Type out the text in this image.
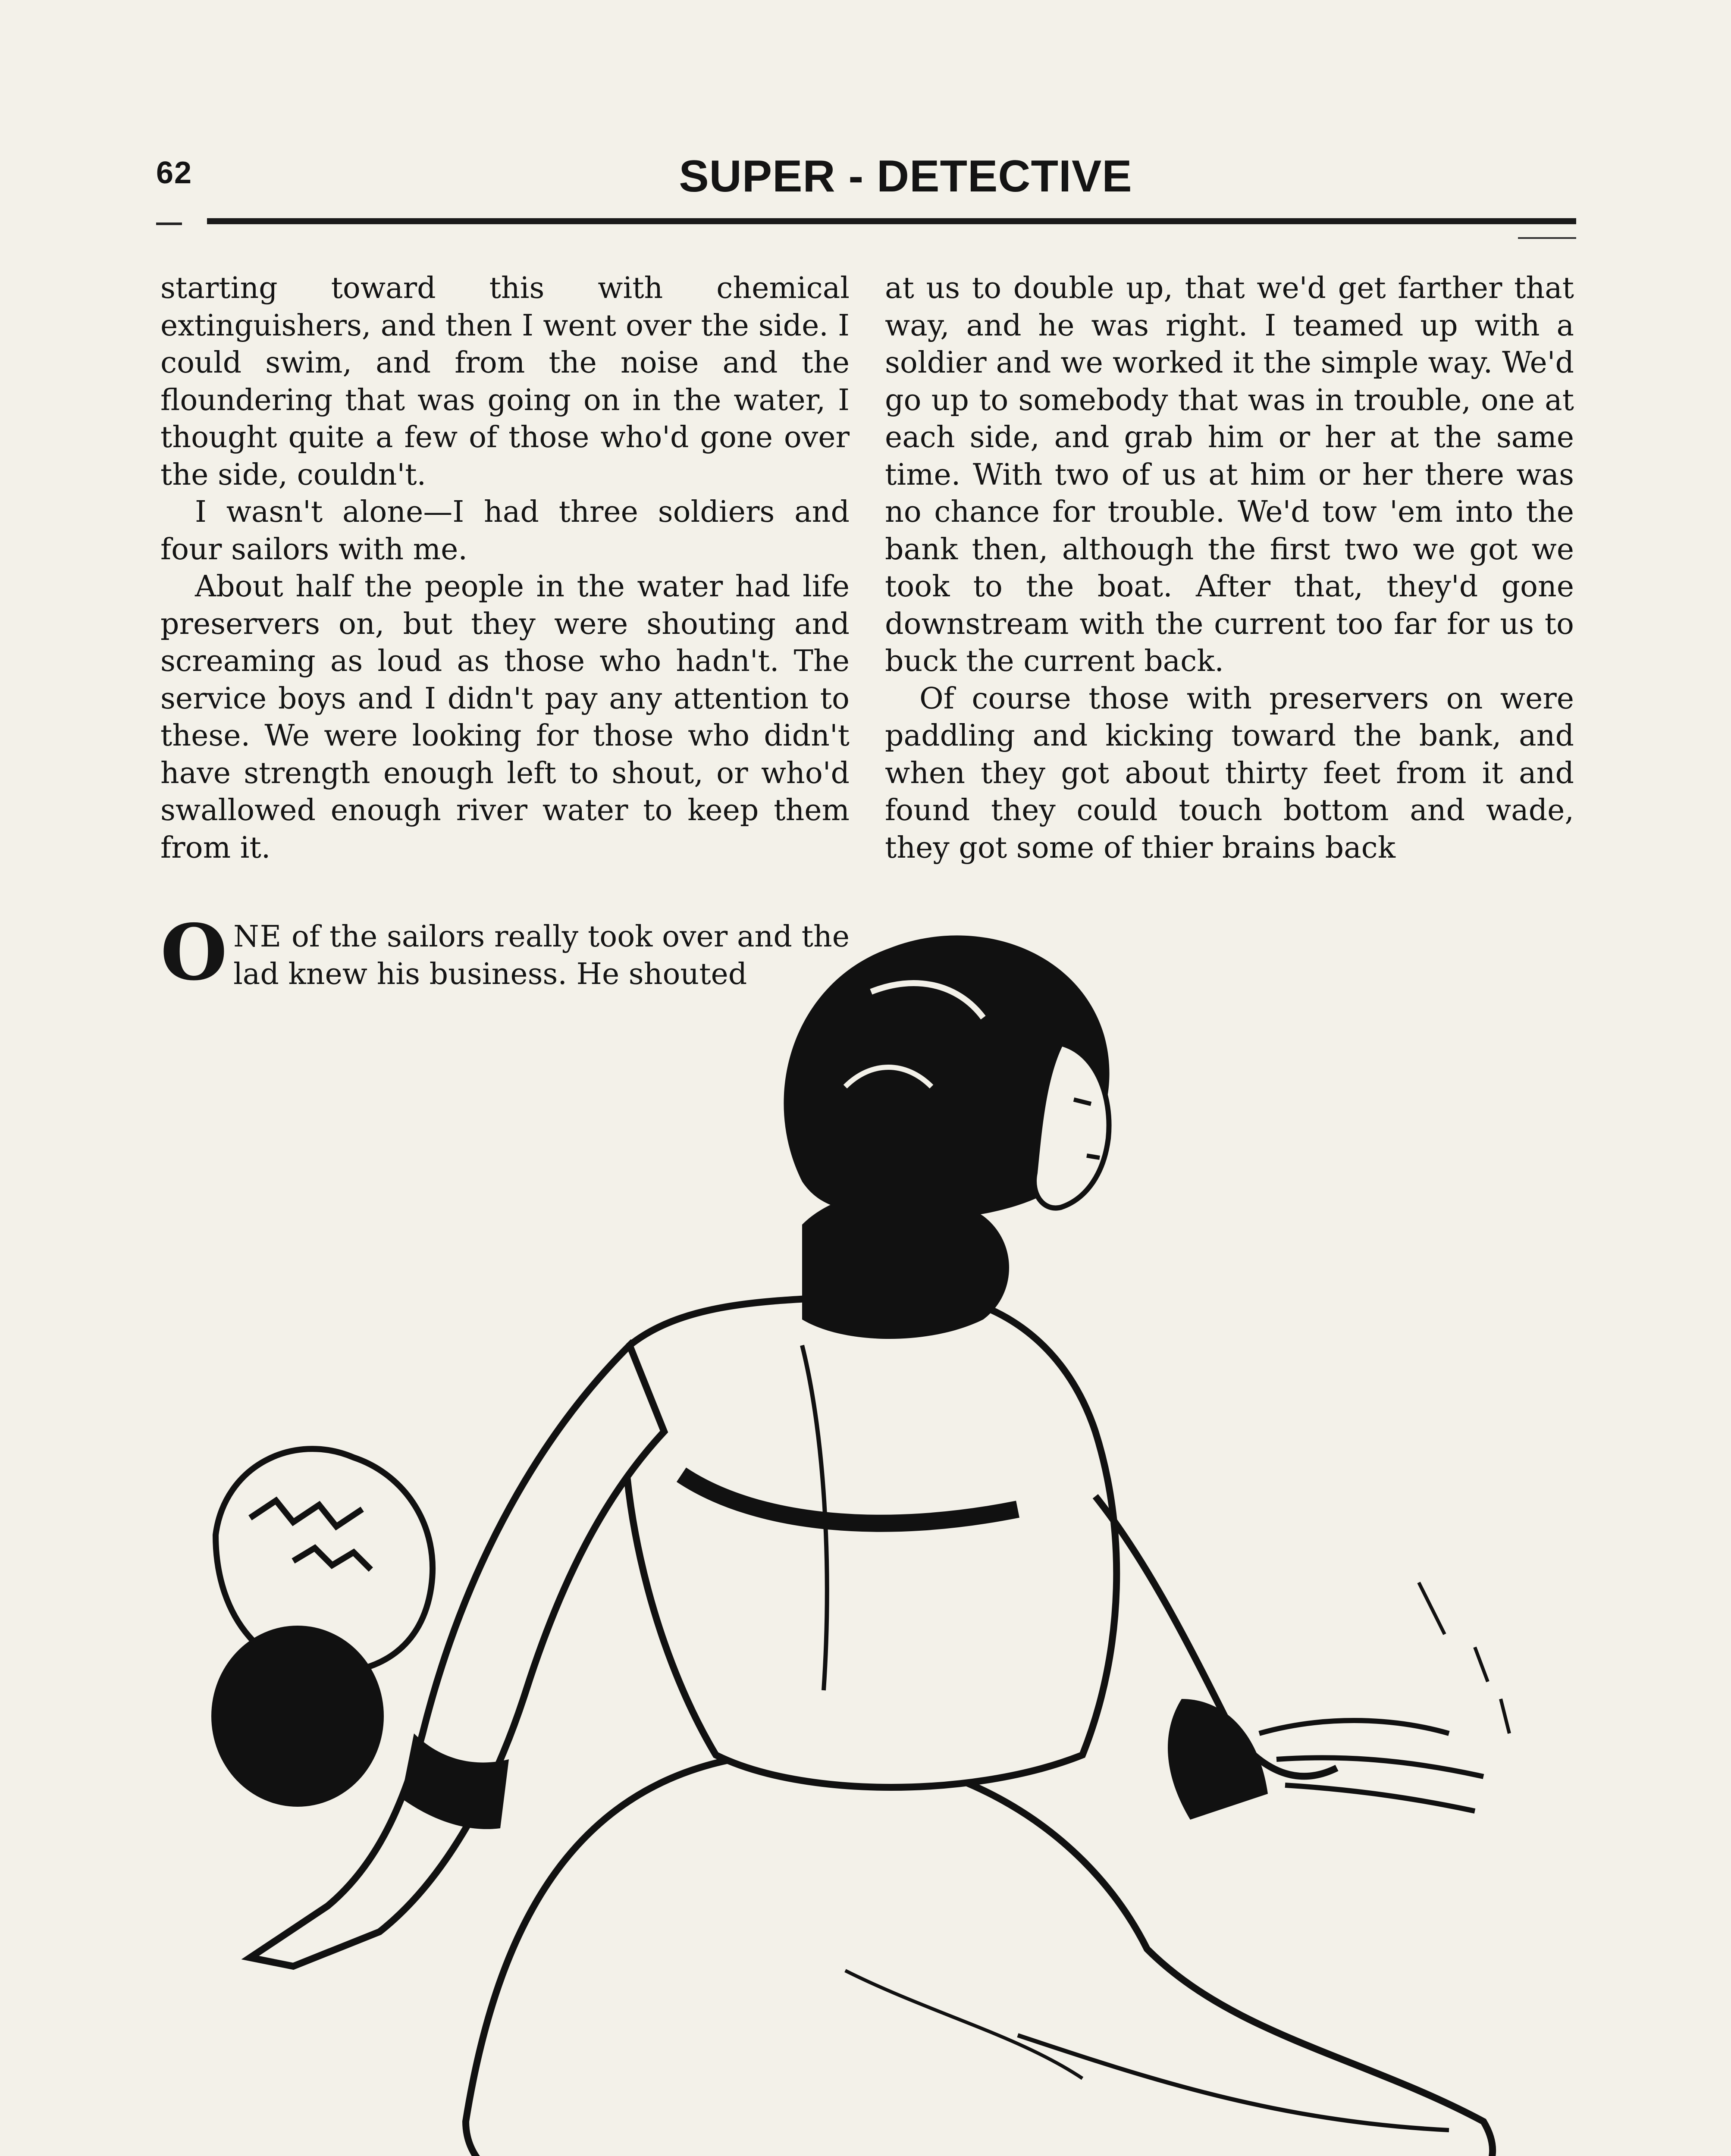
62	SUPER - DETECTIVE

starting toward this with chemical extinguishers, and then I went over the side. I could swim, and from the noise and the floundering that was going on in the water, I thought quite a few of those who'd gone over the side, couldn't.

I wasn't alone—I had three soldiers and four sailors with me.

About half the people in the water had life preservers on, but they were shouting and screaming as loud as those who hadn't. The service boys and I didn't pay any attention to these. We were looking for those who didn't have strength enough left to shout, or who'd swallowed enough river water to keep them from it.

ONE of the sailors really took over and the lad knew his business. He shouted

at us to double up, that we'd get farther that way, and he was right. I teamed up with a soldier and we worked it the simple way. We'd go up to somebody that was in trouble, one at each side, and grab him or her at the same time. With two of us at him or her there was no chance for trouble. We'd tow 'em into the bank then, although the first two we got we took to the boat. After that, they'd gone downstream with the current too far for us to buck the current back.

Of course those with preservers on were paddling and kicking toward the bank, and when they got about thirty feet from it and found they could touch bottom and wade, they got some of thier brains back
